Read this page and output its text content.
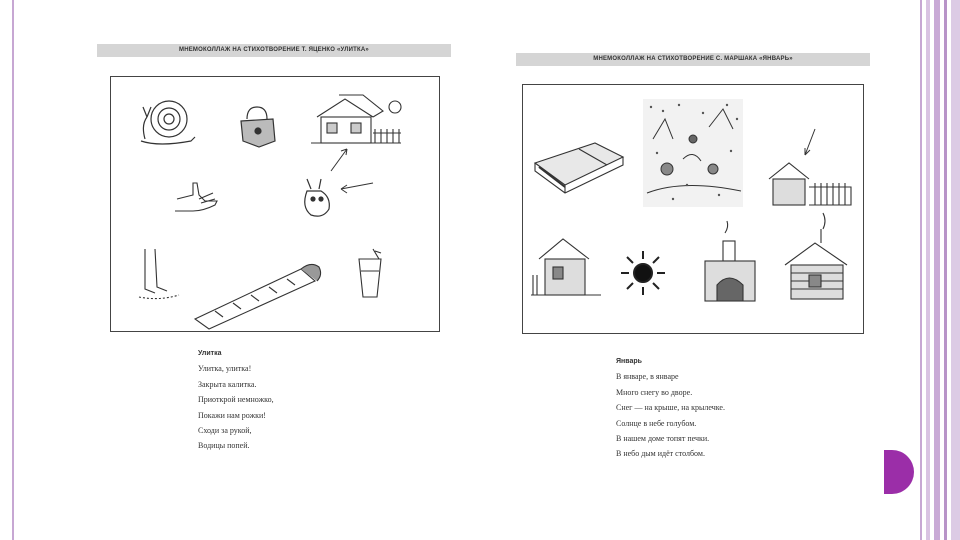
МНЕМОКОЛЛАЖ НА СТИХОТВОРЕНИЕ Т. ЯЦЕНКО «УЛИТКА»
Улитка
Улитка, улитка!
Закрыта калитка.
Приоткрой немножко,
Покажи нам рожки!
Сходи за рукой,
Водицы попей.
МНЕМОКОЛЛАЖ НА СТИХОТВОРЕНИЕ С. МАРШАКА «ЯНВАРЬ»
Январь
В январе, в январе
Много снегу во дворе.
Снег — на крыше, на крылечке.
Солнце в небе голубом.
В нашем доме топят печки.
В небо дым идёт столбом.
